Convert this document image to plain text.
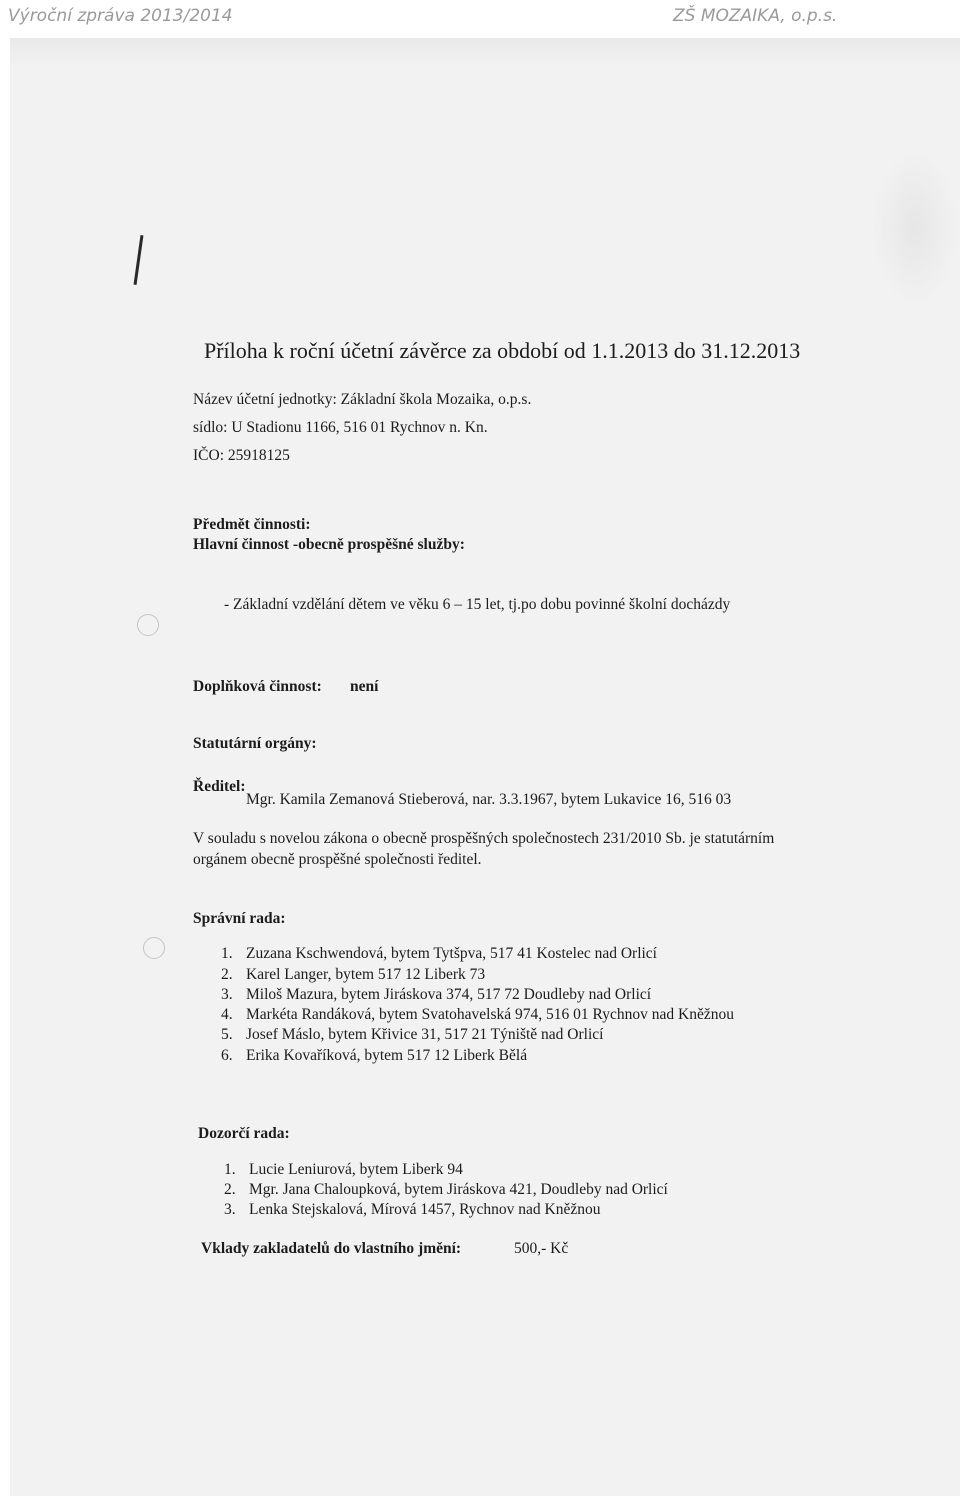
Výroční zpráva 2013/2014	ZŠ MOZAIKA, o.p.s.
Příloha k roční účetní závěrce za období od 1.1.2013 do 31.12.2013
Název účetní jednotky: Základní škola Mozaika, o.p.s.
sídlo: U Stadionu 1166, 516 01 Rychnov n. Kn.
IČO: 25918125
Předmět činnosti:
Hlavní činnost -obecně prospěšné služby:
- Základní vzdělání dětem ve věku 6 – 15 let, tj.po dobu povinné školní docházdy
Doplňková činnost: není
Statutární orgány:
Ředitel:
Mgr. Kamila Zemanová Stieberová, nar. 3.3.1967, bytem Lukavice 16, 516 03
V souladu s novelou zákona o obecně prospěšných společnostech 231/2010 Sb. je statutárním
orgánem obecně prospěšné společnosti ředitel.
Správní rada:
1. Zuzana Kschwendová, bytem Tytšpva, 517 41 Kostelec nad Orlicí
2. Karel Langer, bytem 517 12 Liberk 73
3. Miloš Mazura, bytem Jiráskova 374, 517 72 Doudleby nad Orlicí
4. Markéta Randáková, bytem Svatohavelská 974, 516 01 Rychnov nad Kněžnou
5. Josef Máslo, bytem Křivice 31, 517 21 Týniště nad Orlicí
6. Erika Kovaříková, bytem 517 12 Liberk Bělá
Dozorčí rada:
1. Lucie Leniurová, bytem Liberk 94
2. Mgr. Jana Chaloupková, bytem Jiráskova 421, Doudleby nad Orlicí
3. Lenka Stejskalová, Mírová 1457, Rychnov nad Kněžnou
Vklady zakladatelů do vlastního jmění:	500,- Kč
